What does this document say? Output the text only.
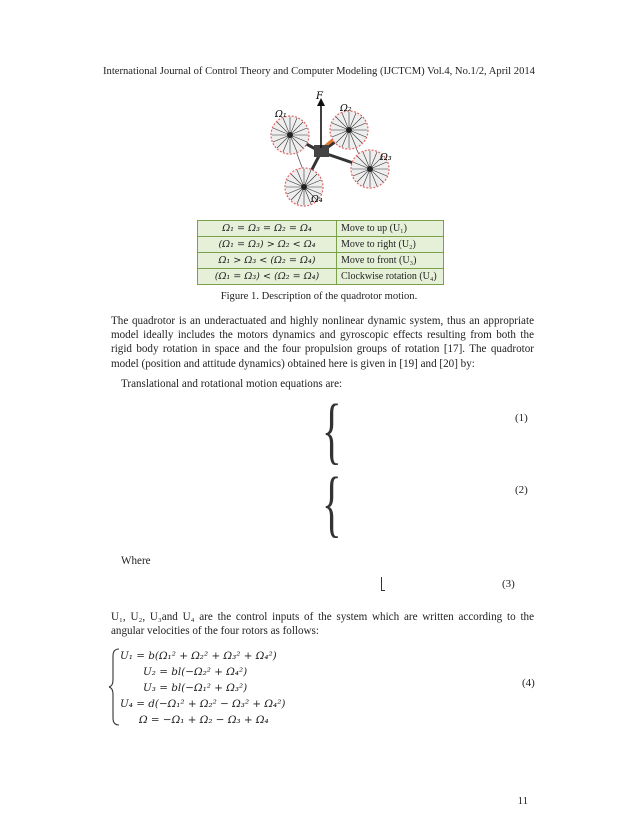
International Journal of Control Theory and Computer Modeling (IJCTCM) Vol.4, No.1/2, April 2014
F
Ω₁
Ω₂
Ω₃
Ω₄
Ω₁ = Ω₃ = Ω₂ = Ω₄	Move to up (U₁)
(Ω₁ = Ω₃) > Ω₂ < Ω₄	Move to right (U₂)
Ω₁ > Ω₃ < (Ω₂ = Ω₄)	Move to front (U₃)
(Ω₁ = Ω₃) < (Ω₂ = Ω₄)	Clockwise rotation (U₄)
Figure 1. Description of the quadrotor motion.
The quadrotor is an underactuated and highly nonlinear dynamic system, thus an appropriate model ideally includes the motors dynamics and gyroscopic effects resulting from both the rigid body rotation in space and the four propulsion groups of rotation [17]. The quadrotor model (position and attitude dynamics) obtained here is given in [19] and [20] by:
Translational and rotational motion equations are:
{	(1)
{	(2)
Where
(3)
U₁, U₂, U₃and U₄ are the control inputs of the system which are written according to the angular velocities of the four rotors as follows:
U₁ = b(Ω₁² + Ω₂² + Ω₃² + Ω₄²)
U₂ = bl(−Ω₂² + Ω₄²)
U₃ = bl(−Ω₁² + Ω₃²)
U₄ = d(−Ω₁² + Ω₂² − Ω₃² + Ω₄²)
Ω = −Ω₁ + Ω₂ − Ω₃ + Ω₄
(4)
11
